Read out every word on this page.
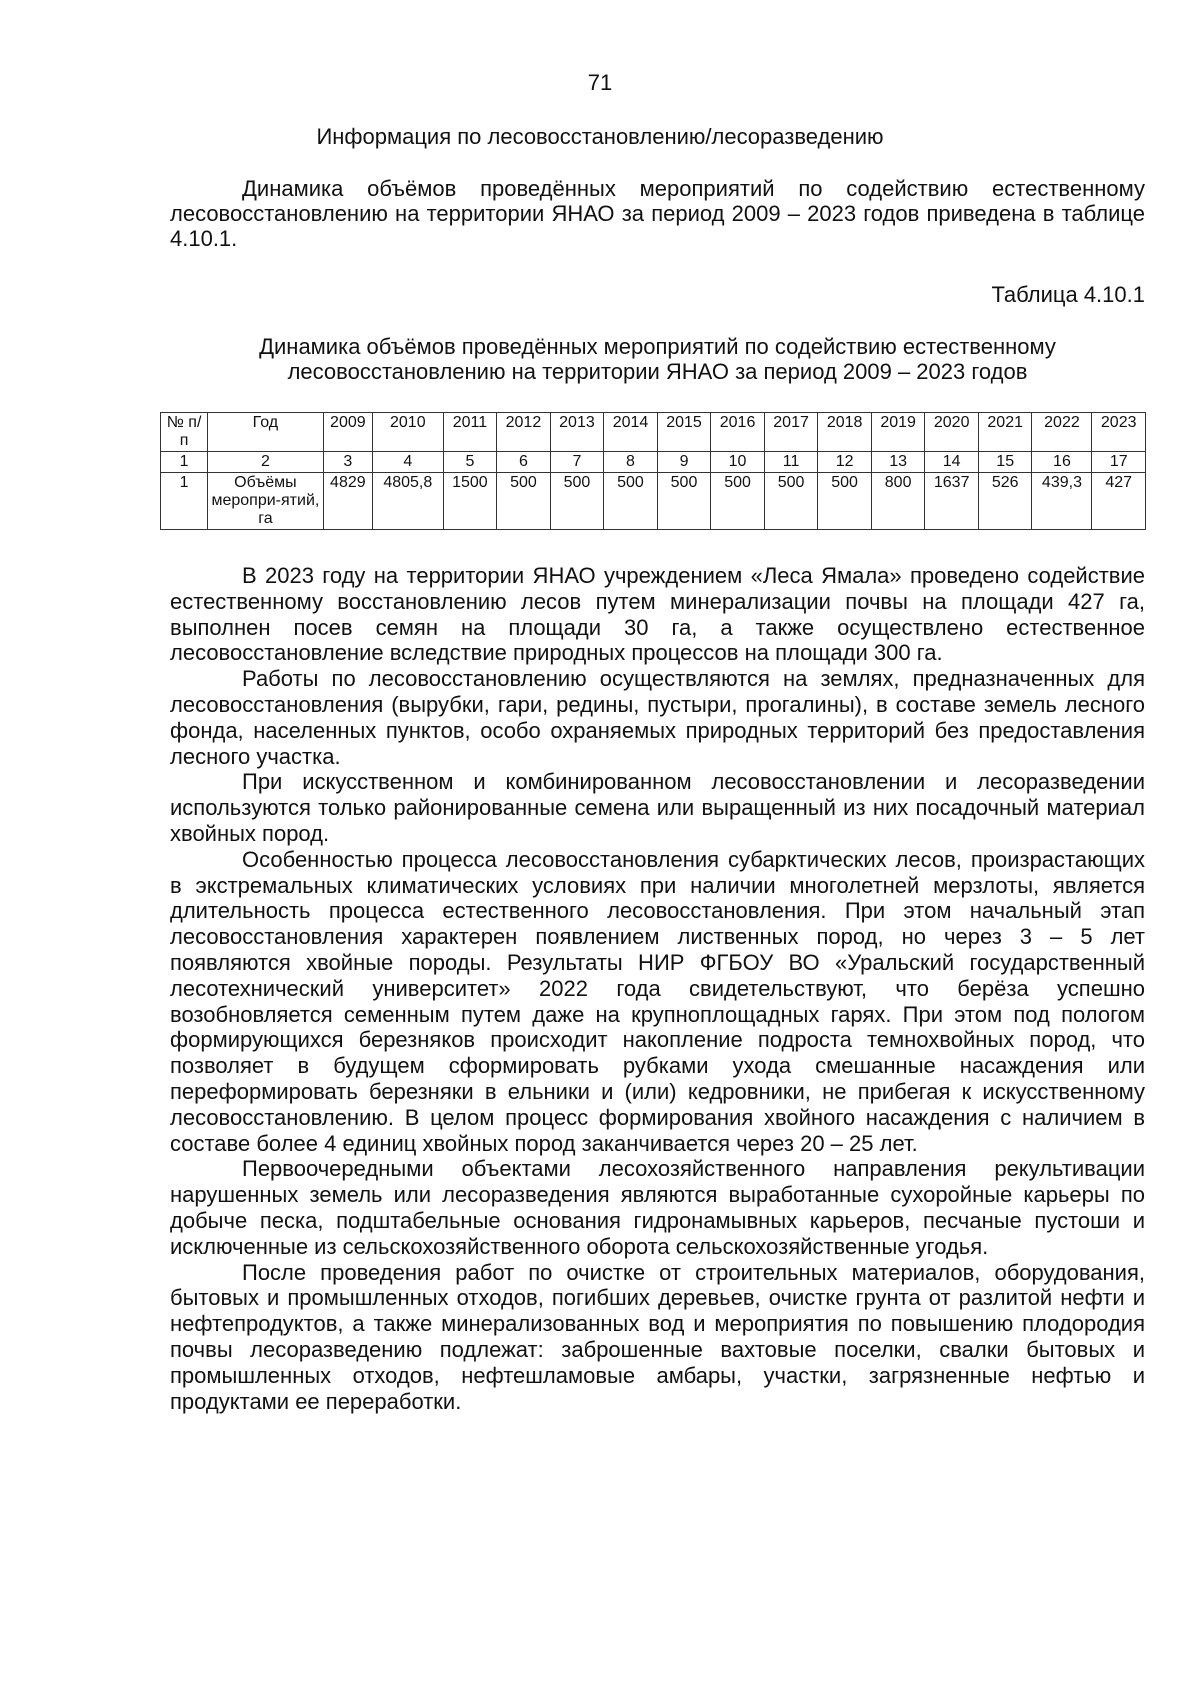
71
Информация по лесовосстановлению/лесоразведению

Динамика объёмов проведённых мероприятий по содействию естественному лесовосстановлению на территории ЯНАО за период 2009 – 2023 годов приведена в таблице 4.10.1.

Таблица 4.10.1
Динамика объёмов проведённых мероприятий по содействию естественному
лесовосстановлению на территории ЯНАО за период 2009 – 2023 годов
№ п/п	Год	2009	2010	2011	2012	2013	2014	2015	2016	2017	2018	2019	2020	2021	2022	2023
1	2	3	4	5	6	7	8	9	10	11	12	13	14	15	16	17
1	Объёмы меропри-ятий, га	4829	4805,8	1500	500	500	500	500	500	500	500	800	1637	526	439,3	427

В 2023 году на территории ЯНАО учреждением «Леса Ямала» проведено содействие естественному восстановлению лесов путем минерализации почвы на площади 427 га, выполнен посев семян на площади 30 га, а также осуществлено естественное лесовосстановление вследствие природных процессов на площади 300 га.

Работы по лесовосстановлению осуществляются на землях, предназначенных для лесовосстановления (вырубки, гари, редины, пустыри, прогалины), в составе земель лесного фонда, населенных пунктов, особо охраняемых природных территорий без предоставления лесного участка.

При искусственном и комбинированном лесовосстановлении и лесоразведении используются только районированные семена или выращенный из них посадочный материал хвойных пород.

Особенностью процесса лесовосстановления субарктических лесов, произрастающих в экстремальных климатических условиях при наличии многолетней мерзлоты, является длительность процесса естественного лесовосстановления. При этом начальный этап лесовосстановления характерен появлением лиственных пород, но через 3 – 5 лет появляются хвойные породы. Результаты НИР ФГБОУ ВО «Уральский государственный лесотехнический университет» 2022 года свидетельствуют, что берёза успешно возобновляется семенным путем даже на крупноплощадных гарях. При этом под пологом формирующихся березняков происходит накопление подроста темнохвойных пород, что позволяет в будущем сформировать рубками ухода смешанные насаждения или переформировать березняки в ельники и (или) кедровники, не прибегая к искусственному лесовосстановлению. В целом процесс формирования хвойного насаждения с наличием в составе более 4 единиц хвойных пород заканчивается через 20 – 25 лет.

Первоочередными объектами лесохозяйственного направления рекультивации нарушенных земель или лесоразведения являются выработанные сухоройные карьеры по добыче песка, подштабельные основания гидронамывных карьеров, песчаные пустоши и исключенные из сельскохозяйственного оборота сельскохозяйственные угодья.

После проведения работ по очистке от строительных материалов, оборудования, бытовых и промышленных отходов, погибших деревьев, очистке грунта от разлитой нефти и нефтепродуктов, а также минерализованных вод и мероприятия по повышению плодородия почвы лесоразведению подлежат: заброшенные вахтовые поселки, свалки бытовых и промышленных отходов, нефтешламовые амбары, участки, загрязненные нефтью и продуктами ее переработки.
